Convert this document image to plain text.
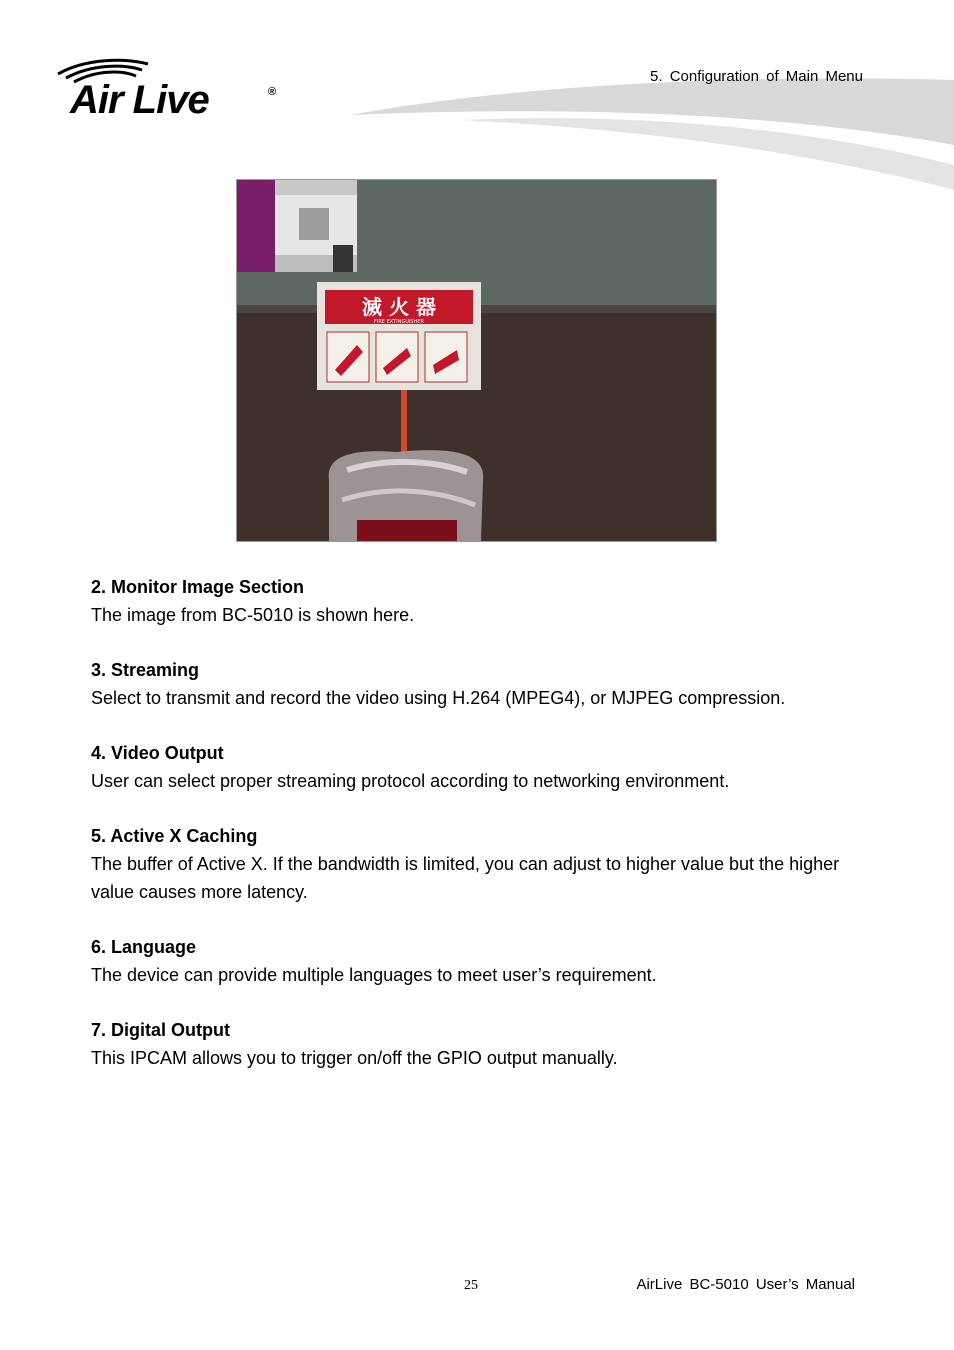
Air Live	®
5. Configuration of Main Menu
滅 火 器
FIRE EXTINGUISHER
2. Monitor Image Section

The image from BC-5010 is shown here.

3. Streaming

Select to transmit and record the video using H.264 (MPEG4), or MJPEG compression.

4. Video Output

User can select proper streaming protocol according to networking environment.

5. Active X Caching

The buffer of Active X. If the bandwidth is limited, you can adjust to higher value but the higher value causes more latency.

6. Language

The device can provide multiple languages to meet user’s requirement.

7. Digital Output

This IPCAM allows you to trigger on/off the GPIO output manually.

25	AirLive BC-5010 User’s Manual
